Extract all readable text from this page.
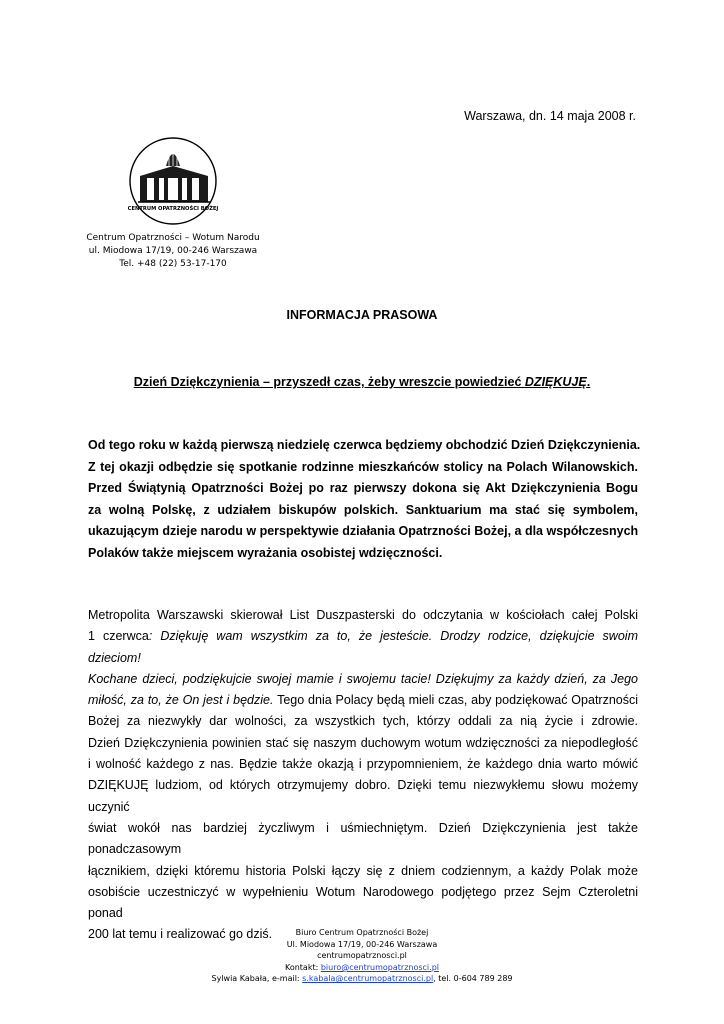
Warszawa, dn. 14 maja 2008 r.
CENTRUM OPATRZNOŚCI BOŻEJ
Centrum Opatrzności – Wotum Narodu
ul. Miodowa 17/19, 00-246 Warszawa
Tel. +48 (22) 53-17-170
INFORMACJA PRASOWA
Dzień Dziękczynienia – przyszedł czas, żeby wreszcie powiedzieć DZIĘKUJĘ.
Od tego roku w każdą pierwszą niedzielę czerwca będziemy obchodzić Dzień Dziękczynienia.
Z tej okazji odbędzie się spotkanie rodzinne mieszkańców stolicy na Polach Wilanowskich.
Przed Świątynią Opatrzności Bożej po raz pierwszy dokona się Akt Dziękczynienia Bogu
za wolną Polskę, z udziałem biskupów polskich. Sanktuarium ma stać się symbolem,
ukazującym dzieje narodu w perspektywie działania Opatrzności Bożej, a dla współczesnych
Polaków także miejscem wyrażania osobistej wdzięczności.
Metropolita Warszawski skierował List Duszpasterski do odczytania w kościołach całej Polski
1 czerwca: Dziękuję wam wszystkim za to, że jesteście. Drodzy rodzice, dziękujcie swoim dzieciom!
Kochane dzieci, podziękujcie swojej mamie i swojemu tacie! Dziękujmy za każdy dzień, za Jego
miłość, za to, że On jest i będzie. Tego dnia Polacy będą mieli czas, aby podziękować Opatrzności
Bożej za niezwykły dar wolności, za wszystkich tych, którzy oddali za nią życie i zdrowie.
Dzień Dziękczynienia powinien stać się naszym duchowym wotum wdzięczności za niepodległość
i wolność każdego z nas. Będzie także okazją i przypomnieniem, że każdego dnia warto mówić
DZIĘKUJĘ ludziom, od których otrzymujemy dobro. Dzięki temu niezwykłemu słowu możemy uczynić
świat wokół nas bardziej życzliwym i uśmiechniętym. Dzień Dziękczynienia jest także ponadczasowym
łącznikiem, dzięki któremu historia Polski łączy się z dniem codziennym, a każdy Polak może
osobiście uczestniczyć w wypełnieniu Wotum Narodowego podjętego przez Sejm Czteroletni ponad
200 lat temu i realizować go dziś.	Biuro Centrum Opatrzności Bożej
Ul. Miodowa 17/19, 00-246 Warszawa
centrumopatrznosci.pl
Kontakt: biuro@centrumopatrznosci.pl
Sylwia Kabała, e-mail: s.kabala@centrumopatrznosci.pl, tel. 0-604 789 289
